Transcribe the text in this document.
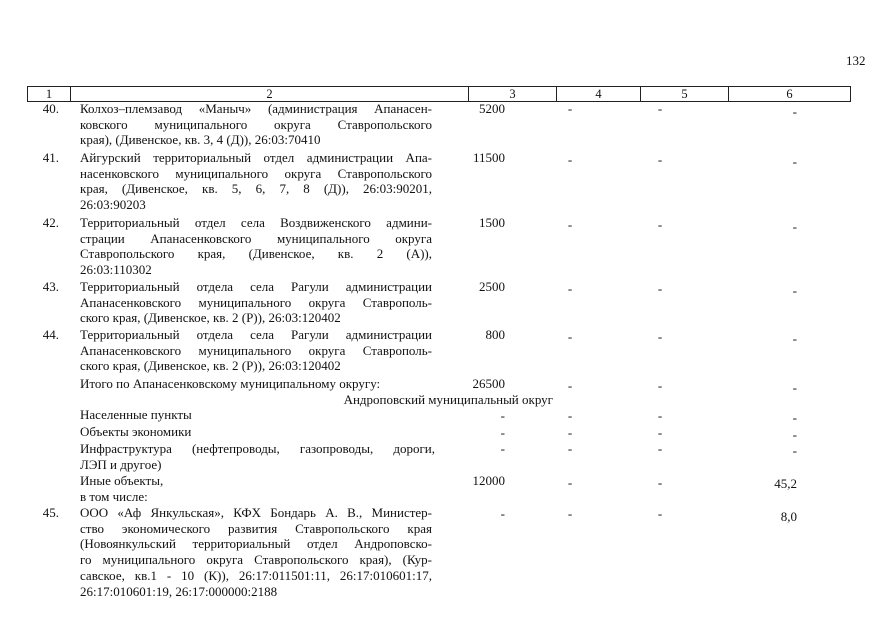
132
1	2	3	4	5	6
40. Колхоз–племзавод «Маныч» (администрация Апанасен-
ковского муниципального округа Ставропольского
края), (Дивенское, кв. 3, 4 (Д)), 26:03:70410
5200	-	-	-
41. Айгурский территориальный отдел администрации Апа-
насенковского муниципального округа Ставропольского
края, (Дивенское, кв. 5, 6, 7, 8 (Д)), 26:03:90201,
26:03:90203
11500	-	-	-
42. Территориальный отдел села Воздвиженского админи-
страции Апанасенковского муниципального округа
Ставропольского края, (Дивенское, кв. 2 (А)),
26:03:110302
1500	-	-	-
43. Территориальный отдела села Рагули администрации
Апанасенковского муниципального округа Ставрополь-
ского края, (Дивенское, кв. 2 (Р)), 26:03:120402
2500	-	-	-
44. Территориальный отдела села Рагули администрации
Апанасенковского муниципального округа Ставрополь-
ского края, (Дивенское, кв. 2 (Р)), 26:03:120402
800	-	-	-
Итого по Апанасенковскому муниципальному округу:	26500	-	-	-
Андроповский муниципальный округ
Населенные пункты	-	-	-	-
Объекты экономики	-	-	-	-
Инфраструктура (нефтепроводы, газопроводы, дороги,
ЛЭП и другое)
-	-	-	-
Иные объекты,
в том числе:
12000	-	-	45,2
45. ООО «Аф Янкульская», КФХ Бондарь А. В., Министер-
ство экономического развития Ставропольского края
(Новоянкульский территориальный отдел Андроповско-
го муниципального округа Ставропольского края), (Кур-
савское, кв.1 - 10 (К)), 26:17:011501:11, 26:17:010601:17,
26:17:010601:19, 26:17:000000:2188
-	-	-	8,0
